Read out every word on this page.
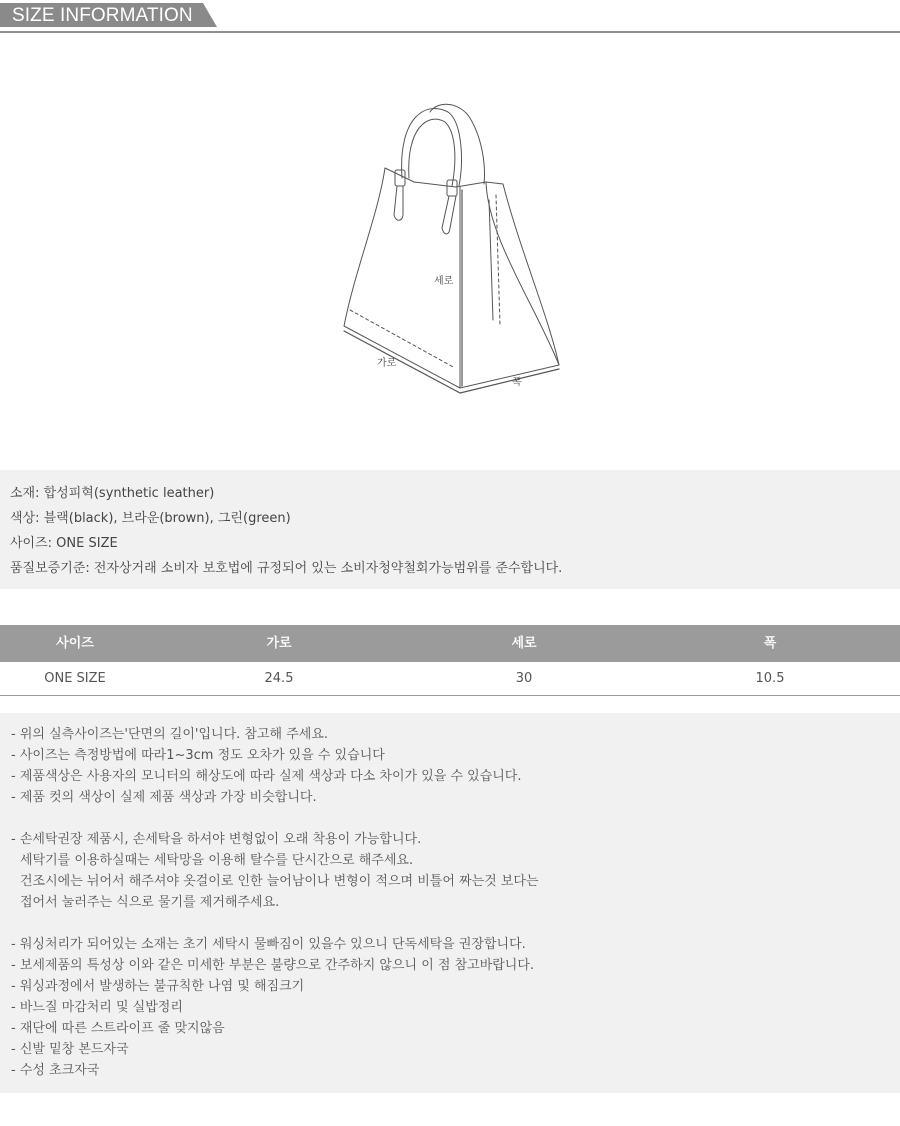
SIZE INFORMATION
세로
가로
폭
소재: 합성피혁(synthetic leather)
색상: 블랙(black), 브라운(brown), 그린(green)
사이즈: ONE SIZE
품질보증기준: 전자상거래 소비자 보호법에 규정되어 있는 소비자청약철회가능범위를 준수합니다.
사이즈	가로	세로	폭
ONE SIZE	24.5	30	10.5
- 위의 실측사이즈는'단면의 길이'입니다. 참고해 주세요.
- 사이즈는 측정방법에 따라1~3cm 정도 오차가 있을 수 있습니다
- 제품색상은 사용자의 모니터의 해상도에 따라 실제 색상과 다소 차이가 있을 수 있습니다.
- 제품 컷의 색상이 실제 제품 색상과 가장 비슷합니다.
- 손세탁권장 제품시, 손세탁을 하셔야 변형없이 오래 착용이 가능합니다.
세탁기를 이용하실때는 세탁망을 이용해 탈수를 단시간으로 해주세요.
건조시에는 뉘어서 해주셔야 옷걸이로 인한 늘어남이나 변형이 적으며 비틀어 짜는것 보다는
접어서 눌러주는 식으로 물기를 제거해주세요.
- 워싱처리가 되어있는 소재는 초기 세탁시 물빠짐이 있을수 있으니 단독세탁을 권장합니다.
- 보세제품의 특성상 이와 같은 미세한 부분은 불량으로 간주하지 않으니 이 점 참고바랍니다.
- 워싱과정에서 발생하는 불규칙한 나염 및 해짐크기
- 바느질 마감처리 및 실밥정리
- 재단에 따른 스트라이프 줄 맞지않음
- 신발 밑창 본드자국
- 수성 초크자국
